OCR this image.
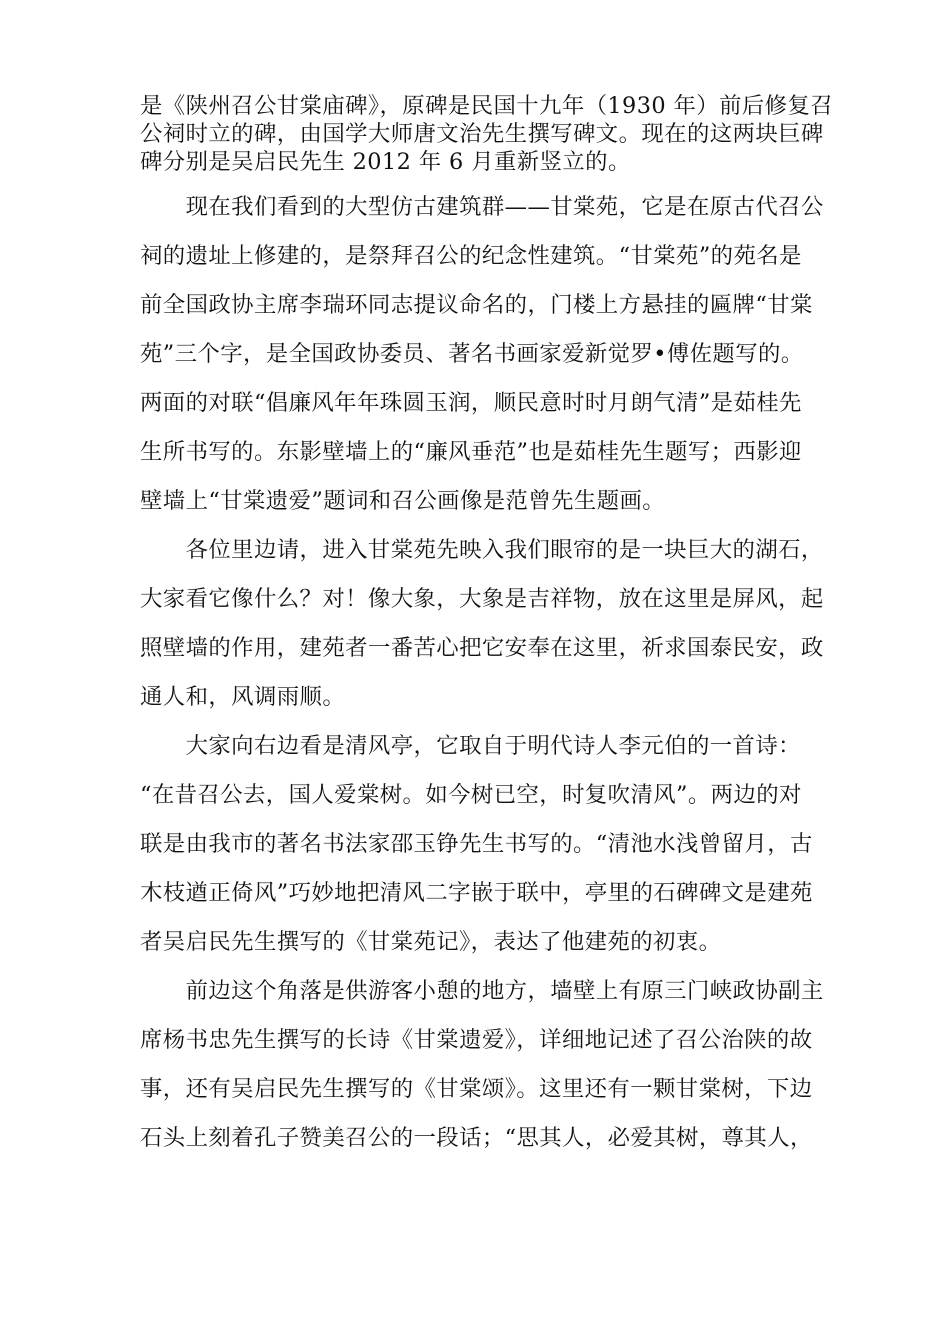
是《陕州召公甘棠庙碑》，原碑是民国十九年（1930 年）前后修复召
公祠时立的碑，由国学大师唐文治先生撰写碑文。现在的这两块巨碑
碑分别是吴启民先生 2012 年 6 月重新竖立的。
　　现在我们看到的大型仿古建筑群——甘棠苑，它是在原古代召公
祠的遗址上修建的，是祭拜召公的纪念性建筑。“甘棠苑”的苑名是
前全国政协主席李瑞环同志提议命名的，门楼上方悬挂的匾牌“甘棠
苑”三个字，是全国政协委员、著名书画家爱新觉罗•傅佐题写的。
两面的对联“倡廉风年年珠圆玉润，顺民意时时月朗气清”是茹桂先
生所书写的。东影壁墙上的“廉风垂范”也是茹桂先生题写；西影迎
壁墙上“甘棠遗爱”题词和召公画像是范曾先生题画。
　　各位里边请，进入甘棠苑先映入我们眼帘的是一块巨大的湖石，
大家看它像什么？对！像大象，大象是吉祥物，放在这里是屏风，起
照壁墙的作用，建苑者一番苦心把它安奉在这里，祈求国泰民安，政
通人和，风调雨顺。
　　大家向右边看是清风亭，它取自于明代诗人李元伯的一首诗：
“在昔召公去，国人爱棠树。如今树已空，时复吹清风”。两边的对
联是由我市的著名书法家邵玉铮先生书写的。“清池水浅曾留月，古
木枝遒正倚风”巧妙地把清风二字嵌于联中，亭里的石碑碑文是建苑
者吴启民先生撰写的《甘棠苑记》，表达了他建苑的初衷。
　　前边这个角落是供游客小憩的地方，墙壁上有原三门峡政协副主
席杨书忠先生撰写的长诗《甘棠遗爱》，详细地记述了召公治陕的故
事，还有吴启民先生撰写的《甘棠颂》。这里还有一颗甘棠树，下边
石头上刻着孔子赞美召公的一段话；“思其人，必爱其树，尊其人，
